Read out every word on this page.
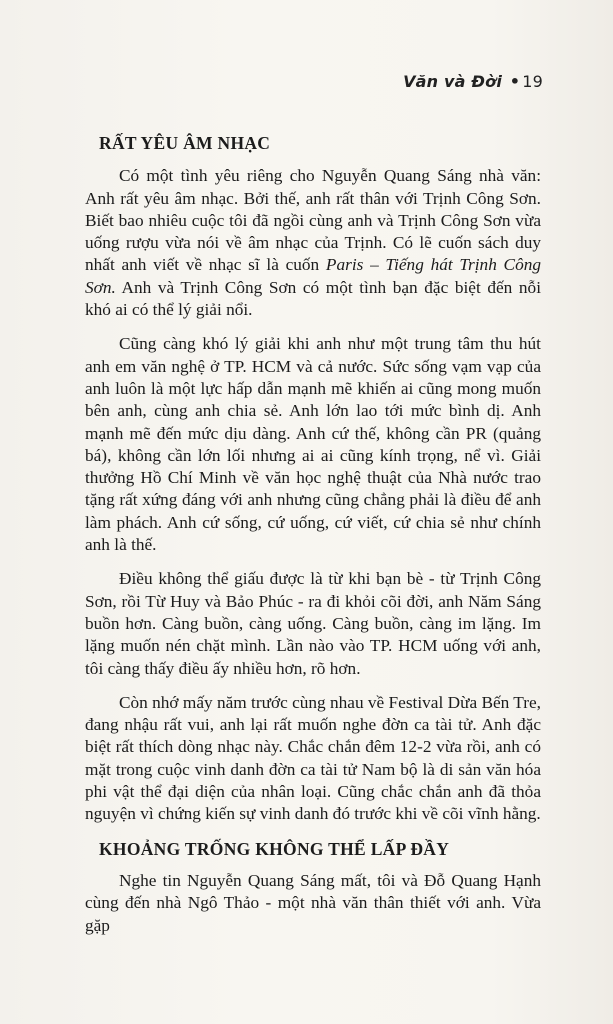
Văn và Đời • 19
RẤT YÊU ÂM NHẠC

Có một tình yêu riêng cho Nguyễn Quang Sáng nhà văn: Anh rất yêu âm nhạc. Bởi thế, anh rất thân với Trịnh Công Sơn. Biết bao nhiêu cuộc tôi đã ngồi cùng anh và Trịnh Công Sơn vừa uống rượu vừa nói về âm nhạc của Trịnh. Có lẽ cuốn sách duy nhất anh viết về nhạc sĩ là cuốn Paris – Tiếng hát Trịnh Công Sơn. Anh và Trịnh Công Sơn có một tình bạn đặc biệt đến nỗi khó ai có thể lý giải nổi.

Cũng càng khó lý giải khi anh như một trung tâm thu hút anh em văn nghệ ở TP. HCM và cả nước. Sức sống vạm vạp của anh luôn là một lực hấp dẫn mạnh mẽ khiến ai cũng mong muốn bên anh, cùng anh chia sẻ. Anh lớn lao tới mức bình dị. Anh mạnh mẽ đến mức dịu dàng. Anh cứ thế, không cần PR (quảng bá), không cần lớn lối nhưng ai ai cũng kính trọng, nể vì. Giải thưởng Hồ Chí Minh về văn học nghệ thuật của Nhà nước trao tặng rất xứng đáng với anh nhưng cũng chẳng phải là điều để anh làm phách. Anh cứ sống, cứ uống, cứ viết, cứ chia sẻ như chính anh là thế.

Điều không thể giấu được là từ khi bạn bè - từ Trịnh Công Sơn, rồi Từ Huy và Bảo Phúc - ra đi khỏi cõi đời, anh Năm Sáng buồn hơn. Càng buồn, càng uống. Càng buồn, càng im lặng. Im lặng muốn nén chặt mình. Lần nào vào TP. HCM uống với anh, tôi càng thấy điều ấy nhiều hơn, rõ hơn.

Còn nhớ mấy năm trước cùng nhau về Festival Dừa Bến Tre, đang nhậu rất vui, anh lại rất muốn nghe đờn ca tài tử. Anh đặc biệt rất thích dòng nhạc này. Chắc chắn đêm 12-2 vừa rồi, anh có mặt trong cuộc vinh danh đờn ca tài tử Nam bộ là di sản văn hóa phi vật thể đại diện của nhân loại. Cũng chắc chắn anh đã thỏa nguyện vì chứng kiến sự vinh danh đó trước khi về cõi vĩnh hằng.

KHOẢNG TRỐNG KHÔNG THỂ LẤP ĐẦY

Nghe tin Nguyễn Quang Sáng mất, tôi và Đỗ Quang Hạnh cùng đến nhà Ngô Thảo - một nhà văn thân thiết với anh. Vừa gặp
